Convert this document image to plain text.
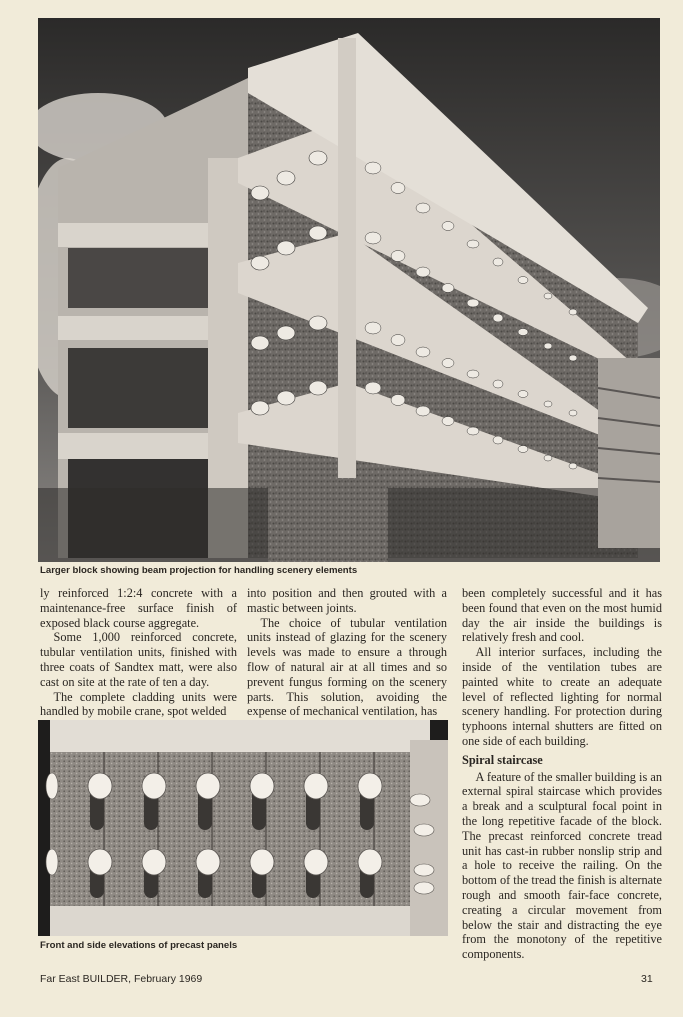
Larger block showing beam projection for handling scenery elements

ly reinforced 1:2:4 concrete with a maintenance-free surface finish of exposed black course aggregate.

Some 1,000 reinforced concrete, tubular ventilation units, finished with three coats of Sandtex matt, were also cast on site at the rate of ten a day.

The complete cladding units were handled by mobile crane, spot welded

into position and then grouted with a mastic between joints.

The choice of tubular ventilation units instead of glazing for the scenery levels was made to ensure a through flow of natural air at all times and so prevent fungus forming on the scenery parts. This solution, avoiding the expense of mechanical ventilation, has

been completely successful and it has been found that even on the most humid day the air inside the buildings is relatively fresh and cool.

All interior surfaces, including the inside of the ventilation tubes are painted white to create an adequate level of reflected lighting for normal scenery handling. For protection during typhoons internal shutters are fitted on one side of each building.

Spiral staircase

A feature of the smaller building is an external spiral staircase which provides a break and a sculptural focal point in the long repetitive facade of the block. The precast reinforced concrete tread unit has cast-in rubber nonslip strip and a hole to receive the railing. On the bottom of the tread the finish is alternate rough and smooth fair-face concrete, creating a circular movement from below the stair and distracting the eye from the monotony of the repetitive components.

Front and side elevations of precast panels
Far East BUILDER, February 1969	31
